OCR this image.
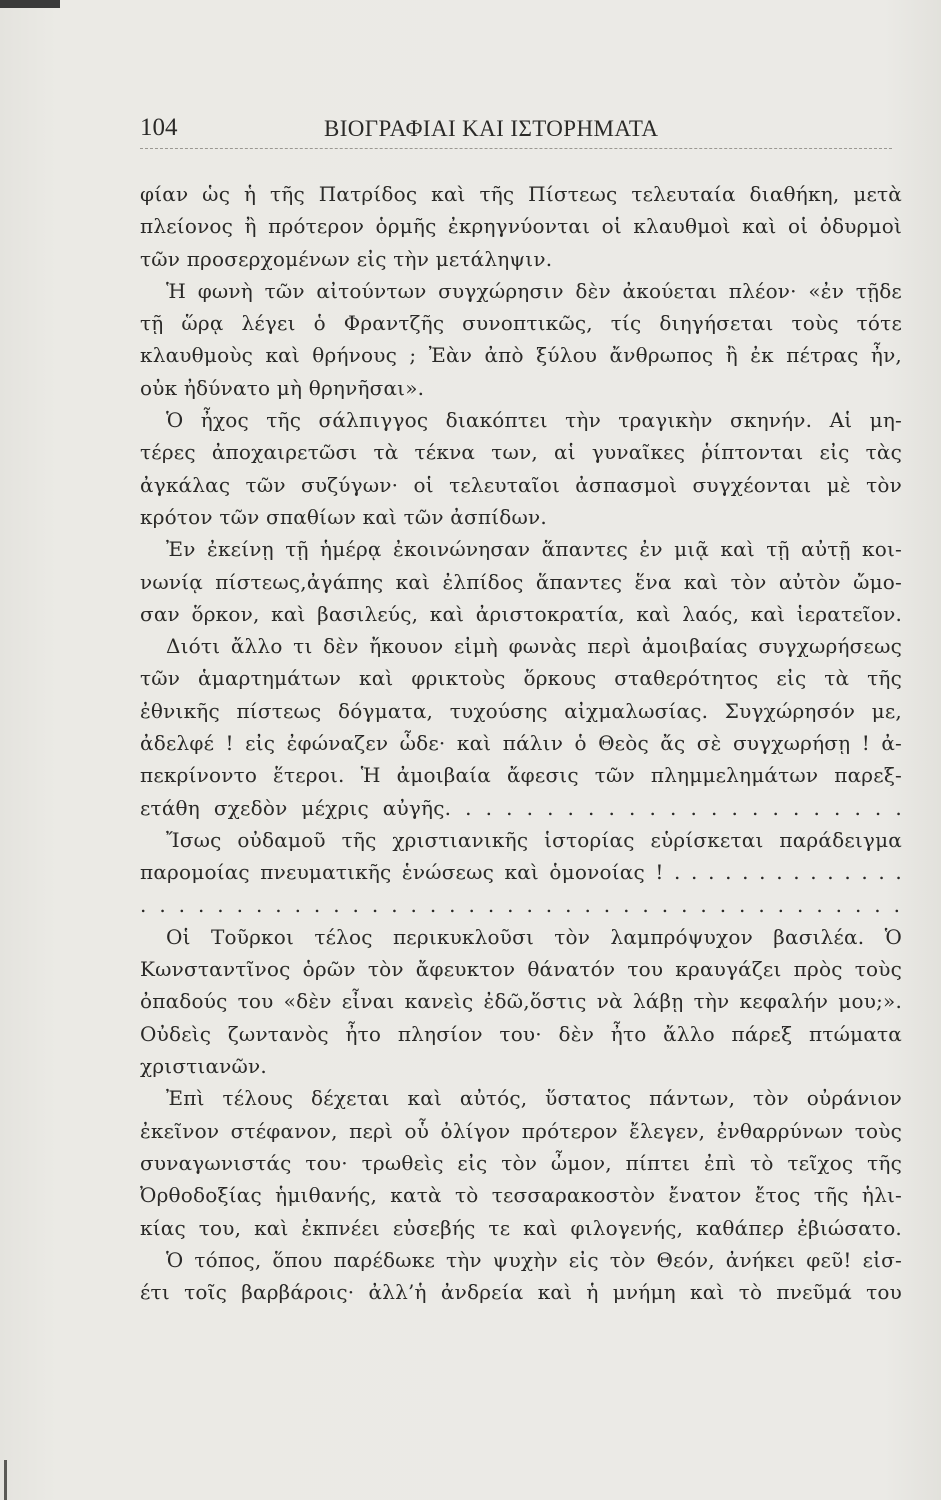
104	ΒΙΟΓΡΑΦΙΑΙ ΚΑΙ ΙΣΤΟΡΗΜΑΤΑ
φίαν ὡς ἡ τῆς Πατρίδος καὶ τῆς Πίστεως τελευταία διαθήκη, μετὰ
πλείονος ἢ πρότερον ὁρμῆς ἐκρηγνύονται οἱ κλαυθμοὶ καὶ οἱ ὀδυρμοὶ
τῶν προσερχομένων εἰς τὴν μετάληψιν.
Ἡ φωνὴ τῶν αἰτούντων συγχώρησιν δὲν ἀκούεται πλέον· «ἐν τῇδε
τῇ ὥρᾳ λέγει ὁ Φραντζῆς συνοπτικῶς, τίς διηγήσεται τοὺς τότε
κλαυθμοὺς καὶ θρήνους ; Ἐὰν ἀπὸ ξύλου ἄνθρωπος ἢ ἐκ πέτρας ἦν,
οὐκ ἠδύνατο μὴ θρηνῆσαι».
Ὁ ἦχος τῆς σάλπιγγος διακόπτει τὴν τραγικὴν σκηνήν. Αἱ μη-
τέρες ἀποχαιρετῶσι τὰ τέκνα των, αἱ γυναῖκες ῥίπτονται εἰς τὰς
ἀγκάλας τῶν συζύγων· οἱ τελευταῖοι ἀσπασμοὶ συγχέονται μὲ τὸν
κρότον τῶν σπαθίων καὶ τῶν ἀσπίδων.
Ἐν ἐκείνῃ τῇ ἡμέρᾳ ἐκοινώνησαν ἅπαντες ἐν μιᾷ καὶ τῇ αὐτῇ κοι-
νωνίᾳ πίστεως,ἀγάπης καὶ ἐλπίδος ἅπαντες ἕνα καὶ τὸν αὐτὸν ὤμο-
σαν ὅρκον, καὶ βασιλεύς, καὶ ἀριστοκρατία, καὶ λαός, καὶ ἱερατεῖον.
Διότι ἄλλο τι δὲν ἤκουον εἰμὴ φωνὰς περὶ ἀμοιβαίας συγχωρήσεως
τῶν ἁμαρτημάτων καὶ φρικτοὺς ὅρκους σταθερότητος εἰς τὰ τῆς
ἐθνικῆς πίστεως δόγματα, τυχούσης αἰχμαλωσίας. Συγχώρησόν με,
ἀδελφέ ! εἰς ἐφώναζεν ὧδε· καὶ πάλιν ὁ Θεὸς ἄς σὲ συγχωρήσῃ ! ἀ-
πεκρίνοντο ἕτεροι. Ἡ ἀμοιβαία ἄφεσις τῶν πλημμελημάτων παρεξ-
ετάθη σχεδὸν μέχρις αὐγῆς. . . . . . . . . . . . . . . . . . . . . . .
Ἴσως οὐδαμοῦ τῆς χριστιανικῆς ἱστορίας εὑρίσκεται παράδειγμα
παρομοίας πνευματικῆς ἑνώσεως καὶ ὁμονοίας ! . . . . . . . . . . . . . .
. . . . . . . . . . . . . . . . . . . . . . . . . . . . . . . . . . . . . . . .
Οἱ Τοῦρκοι τέλος περικυκλοῦσι τὸν λαμπρόψυχον βασιλέα. Ὁ
Κωνσταντῖνος ὁρῶν τὸν ἄφευκτον θάνατόν του κραυγάζει πρὸς τοὺς
ὀπαδούς του «δὲν εἶναι κανεὶς ἐδῶ,ὅστις νὰ λάβῃ τὴν κεφαλήν μου;».
Οὐδεὶς ζωντανὸς ἦτο πλησίον του· δὲν ἦτο ἄλλο πάρεξ πτώματα
χριστιανῶν.
Ἐπὶ τέλους δέχεται καὶ αὐτός, ὕστατος πάντων, τὸν οὐράνιον
ἐκεῖνον στέφανον, περὶ οὗ ὀλίγον πρότερον ἔλεγεν, ἐνθαρρύνων τοὺς
συναγωνιστάς του· τρωθεὶς εἰς τὸν ὦμον, πίπτει ἐπὶ τὸ τεῖχος τῆς
Ὀρθοδοξίας ἡμιθανής, κατὰ τὸ τεσσαρακοστὸν ἔνατον ἔτος τῆς ἡλι-
κίας του, καὶ ἐκπνέει εὐσεβής τε καὶ φιλογενής, καθάπερ ἐβιώσατο.
Ὁ τόπος, ὅπου παρέδωκε τὴν ψυχὴν εἰς τὸν Θεόν, ἀνήκει φεῦ! εἰσ-
έτι τοῖς βαρβάροις· ἀλλ’ἡ ἀνδρεία καὶ ἡ μνήμη καὶ τὸ πνεῦμά του
